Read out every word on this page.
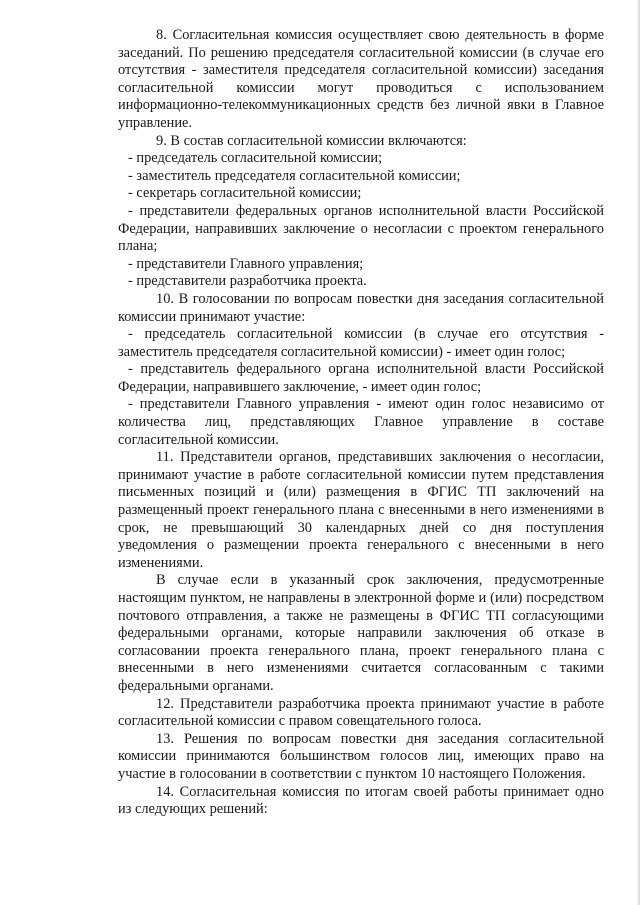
8. Согласительная комиссия осуществляет свою деятельность в форме заседаний. По решению председателя согласительной комиссии (в случае его отсутствия - заместителя председателя согласительной комиссии) заседания согласительной комиссии могут проводиться с использованием информационно-телекоммуникационных средств без личной явки в Главное управление.

9. В состав согласительной комиссии включаются:

- председатель согласительной комиссии;

- заместитель председателя согласительной комиссии;

- секретарь согласительной комиссии;

- представители федеральных органов исполнительной власти Российской Федерации, направивших заключение о несогласии с проектом генерального плана;

- представители Главного управления;

- представители разработчика проекта.

10. В голосовании по вопросам повестки дня заседания согласительной комиссии принимают участие:

- председатель согласительной комиссии (в случае его отсутствия - заместитель председателя согласительной комиссии) - имеет один голос;

- представитель федерального органа исполнительной власти Российской Федерации, направившего заключение, - имеет один голос;

- представители Главного управления - имеют один голос независимо от количества лиц, представляющих Главное управление в составе согласительной комиссии.

11. Представители органов, представивших заключения о несогласии, принимают участие в работе согласительной комиссии путем представления письменных позиций и (или) размещения в ФГИС ТП заключений на размещенный проект генерального плана с внесенными в него изменениями в срок, не превышающий 30 календарных дней со дня поступления уведомления о размещении проекта генерального с внесенными в него изменениями.

В случае если в указанный срок заключения, предусмотренные настоящим пунктом, не направлены в электронной форме и (или) посредством почтового отправления, а также не размещены в ФГИС ТП согласующими федеральными органами, которые направили заключения об отказе в согласовании проекта генерального плана, проект генерального плана с внесенными в него изменениями считается согласованным с такими федеральными органами.

12. Представители разработчика проекта принимают участие в работе согласительной комиссии с правом совещательного голоса.

13. Решения по вопросам повестки дня заседания согласительной комиссии принимаются большинством голосов лиц, имеющих право на участие в голосовании в соответствии с пунктом 10 настоящего Положения.

14. Согласительная комиссия по итогам своей работы принимает одно из следующих решений:
